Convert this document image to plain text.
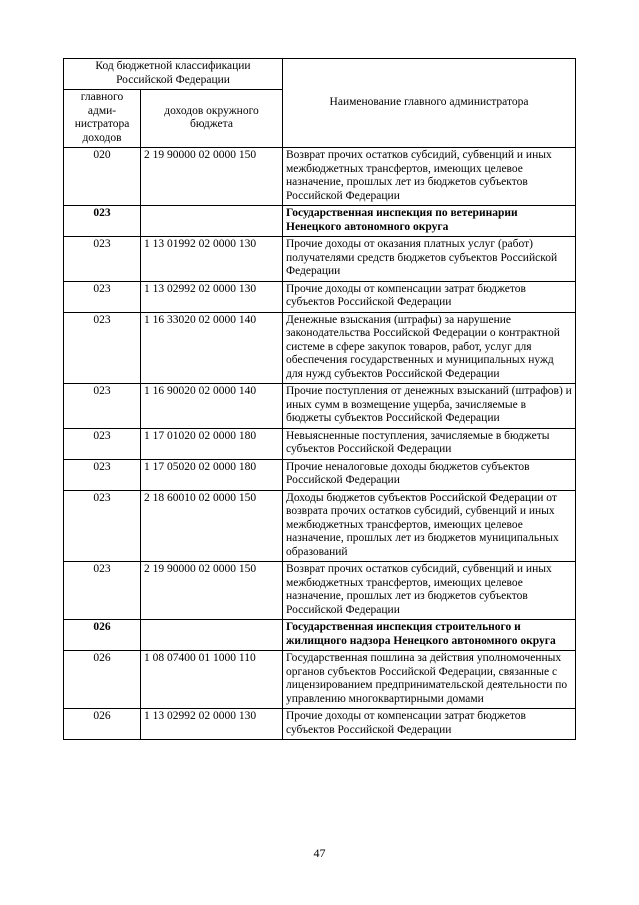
Код бюджетной классификации Российской Федерации		Наименование главного администратора
главного адми-нистратора доходов	доходов окружного бюджета	
020	2 19 90000 02 0000 150	Возврат прочих остатков субсидий, субвенций и иных межбюджетных трансфертов, имеющих целевое назначение, прошлых лет из бюджетов субъектов Российской Федерации
023		Государственная инспекция по ветеринарии Ненецкого автономного округа
023	1 13 01992 02 0000 130	Прочие доходы от оказания платных услуг (работ) получателями средств бюджетов субъектов Российской Федерации
023	1 13 02992 02 0000 130	Прочие доходы от компенсации затрат бюджетов субъектов Российской Федерации
023	1 16 33020 02 0000 140	Денежные взыскания (штрафы) за нарушение законодательства Российской Федерации о контрактной системе в сфере закупок товаров, работ, услуг для обеспечения государственных и муниципальных нужд для нужд субъектов Российской Федерации
023	1 16 90020 02 0000 140	Прочие поступления от денежных взысканий (штрафов) и иных сумм в возмещение ущерба, зачисляемые в бюджеты субъектов Российской Федерации
023	1 17 01020 02 0000 180	Невыясненные поступления, зачисляемые в бюджеты субъектов Российской Федерации
023	1 17 05020 02 0000 180	Прочие неналоговые доходы бюджетов субъектов Российской Федерации
023	2 18 60010 02 0000 150	Доходы бюджетов субъектов Российской Федерации от возврата прочих остатков субсидий, субвенций и иных межбюджетных трансфертов, имеющих целевое назначение, прошлых лет из бюджетов муниципальных образований
023	2 19 90000 02 0000 150	Возврат прочих остатков субсидий, субвенций и иных межбюджетных трансфертов, имеющих целевое назначение, прошлых лет из бюджетов субъектов Российской Федерации
026		Государственная инспекция строительного и жилищного надзора Ненецкого автономного округа
026	1 08 07400 01 1000 110	Государственная пошлина за действия уполномоченных органов субъектов Российской Федерации, связанные с лицензированием предпринимательской деятельности по управлению многоквартирными домами
026	1 13 02992 02 0000 130	Прочие доходы от компенсации затрат бюджетов субъектов Российской Федерации
47
